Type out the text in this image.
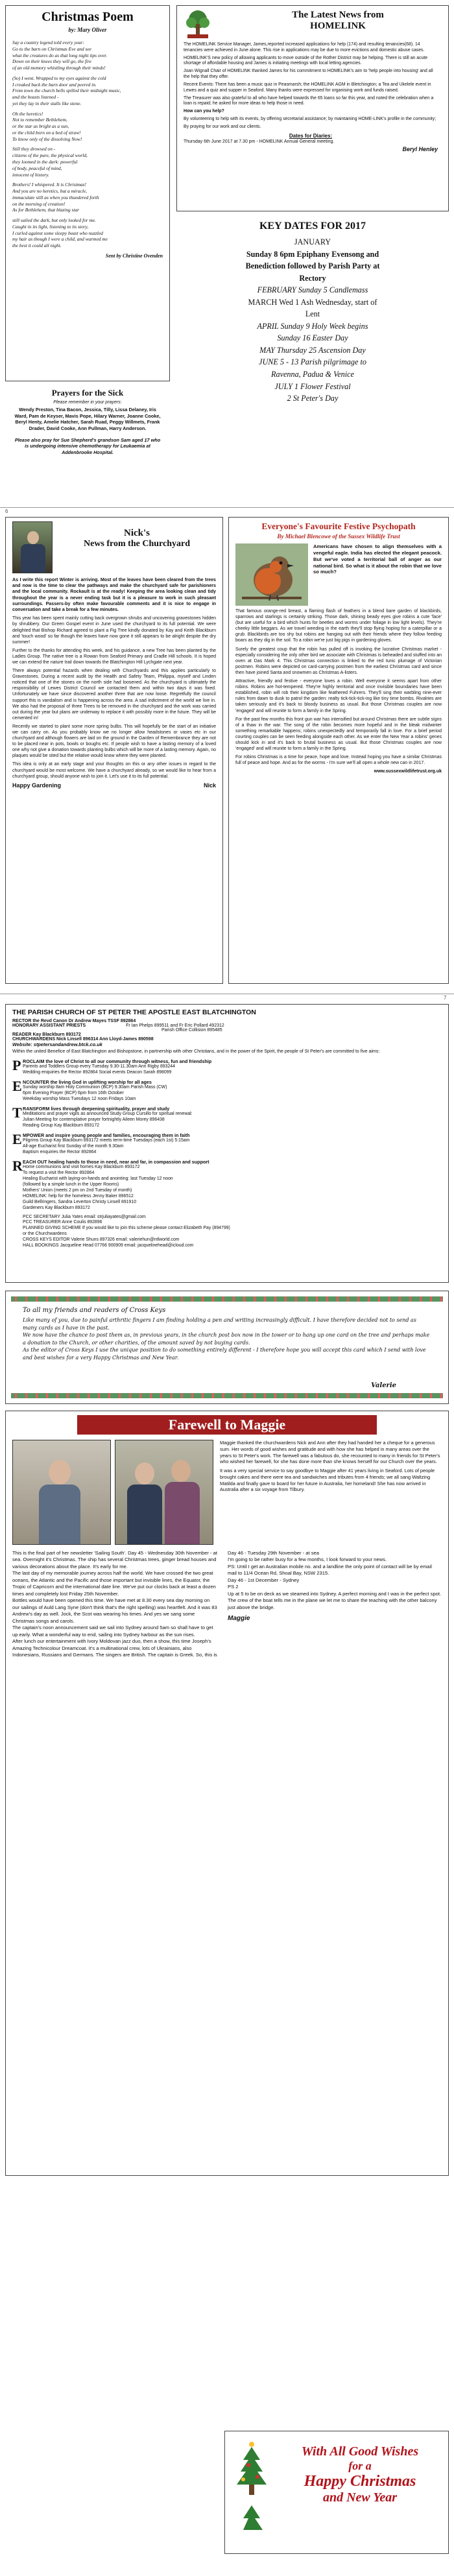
Christmas Poem
by: Mary Oliver
Say a country legend told every year:
Go to the barn on Christmas Eve and see
what the creatures do as that long night tips over.
Down on their knees they will go, the fire
of an old memory whistling through their minds!
(So) I went. Wrapped to my eyes against the cold
I creaked back the barn door and peered in.
From town the church bells spilled their midnight music,
and the beasts listened -
yet they lay in their stalls like stone.
Oh the heretics!
Not to remember Bethlehem,
or the star as bright as a sun,
or the child born on a bed of straw!
To know only of the dissolving Now!
Still they drowsed on -
citizens of the pure, the physical world,
they loomed in the dark: powerful
of body, peaceful of mind,
innocent of history.
Brothers! I whispered. It is Christmas!
And you are no heretics, but a miracle,
immaculate still as when you thundered forth
on the morning of creation!
As for Bethlehem, that blazing star
still sailed the dark, but only looked for me.
Caught in its light, listening to its story,
I curled against some sleepy beast who nuzzled
my hair as though I were a child, and warmed me
the best it could all night.
Sent by Christine Ovenden
Prayers for the Sick
Please remember in your prayers:
Wendy Preston, Tina Bacon, Jessica, Tilly, Lissa Delaney, Iris Ward, Pam de Keyser, Mavis Pope, Hilary Warner, Joanne Cooke, Beryl Henty, Amelie Hatcher, Sarah Ruad, Peggy Willmets, Frank Drader, David Cooke, Ann Pullman, Harry Anderson.
Please also pray for Sue Shepherd's grandson Sam aged 17 who is undergoing intensive chemotherapy for Leukaemia at Addenbrooke Hospital.
The Latest News from
HOMELINK

The HOMELINK Service Manager, James,reported increased applications for help (174) and resulting tenancies(68). 14 tenancies were achieved in June alone. This rise in applications may be due to more evictions and domestic abuse cases.

HOMELINK'S new policy of allowing applicants to move outside of the Rother District may be helping. There is still an acute shortage of affordable housing and James is initiating meetings with local letting agencies.

Joan Wignall Chair of HOMELINK thanked James for his commitment to HOMELINK's aim to 'help people into housing' and all the help that they offer.

Recent Events: There has been a music quiz in Peasmarsh; the HOMELINK AGM in Bletchington; a Tea and Ukelele event in Lewes and a quiz and supper in Seaford. Many thanks were expressed for organising work and funds raised.

The Treasurer was also grateful to all who have helped towards the 65 loans so far this year, and noted the celebration when a loan is repaid; he asked for more ideas to help those in need.

How can you help?

By volunteering to help with its events, by offering secretarial assistance; by maintaining HOME-LINK's profile in the community;

By praying for our work and our clients.

Dates for Diaries:
Thursday 6th June 2017 at 7.30 pm - HOMELINK Annual General meeting.
Beryl Henley
KEY DATES FOR 2017
JANUARY
Sunday 8 6pm Epiphany Evensong and
Benediction followed by Parish Party at
Rectory
FEBRUARY Sunday 5 Candlemass
MARCH Wed 1 Ash Wednesday, start of
Lent
APRIL Sunday 9 Holy Week begins
Sunday 16 Easter Day
MAY Thursday 25 Ascension Day
JUNE 5 - 13 Parish pilgrimage to
Ravenna, Padua & Venice
JULY 1 Flower Festival
2 St Peter's Day
6
Nick's
News from the Churchyard
As I write this report Winter is arriving. Most of the leaves have been cleared from the trees and now is the time to clear the pathways and make the churchyard safe for parishioners and the local community. Rockault is at the ready! Keeping the area looking clean and tidy throughout the year is a never ending task but it is a pleasure to work in such pleasant surroundings. Passers-by often make favourable comments and it is nice to engage in conversation and take a break for a few minutes.

This year has been spent mainly cutting back overgrown shrubs and uncovering gravestones hidden by shrubbery. Our Green Gospel event in June used the churchyard to its full potential. We were delighted that Bishop Richard agreed to plant a Fig Tree kindly donated by Kay and Keith Blackburn and 'touch wood' so far though the leaves have now gone it still appears to be alright despite the dry summer!

Further to the thanks for attending this week, and his guidance, a new Tree has been planted by the Ladies Group. The native tree is a Rowan from Seaford Primary and Cradle Hill schools. It is hoped we can extend the nature trail down towards the Blatchington Hill Lychgate next year.

There always potential hazards when dealing with Churchyards and this applies particularly to Gravestones. During a recent audit by the Health and Safety Team, Philippa, myself and Linden noticed that one of the stones on the north side had loosened. As the churchyard is ultimately the responsibility of Lewes District Council we contacted them and within two days it was fixed. Unfortunately we have since discovered another three that are now loose. Regretfully the council support this is vandalism and is happening across the area. A sad indictment of the world we live in. We also had the proposal of three Trees to be removed in the churchyard and the work was carried out during the year but plans are underway to replace it with possibly more in the future. They will be cemented in!

Recently we started to plant some more spring bulbs. This will hopefully be the start of an initiative we can carry on. As you probably know we no longer allow headstones or vases etc in our churchyard and although flowers are laid on the ground in the Garden of Remembrance they are not to be placed near in pots, bowls or boughs etc. If people wish to have a lasting memory of a loved one why not give a donation towards planting bulbs which will be more of a lasting memory. Again, no plaques would be sited but the relative would know where they were planted.

This idea is only at an early stage and your thoughts on this or any other issues in regard to the churchyard would be most welcome. We have a churchyard already, so we would like to hear from a churchyard group, should anyone wish to join it. Let's use it to its full potential.

Happy Gardening	Nick
Everyone's Favourite Festive Psychopath
By Michael Blencowe of the Sussex Wildlife Trust
Americans have chosen to align themselves with a vengeful eagle. India has elected the elegant peacock. But we've voted a territorial ball of anger as our national bird. So what is it about the robin that we love so much?

That famous orange-red breast, a flaming flash of feathers in a blend bare garden of blackbirds, sparrows and starlings is certainly striking. Those dark, shining beady eyes give robins a cute 'face' (but are useful for a bird which hunts for beetles and worms under foliage in low light levels). They're cheeky little beggars. As we travel weeding in the earth they'll stop flying hoping for a caterpillar or a grub. Blackbirds are too shy but robins are hanging out with their friends where they follow feeding boars as they dig in the soil. To a robin we're just big pigs in gardening gloves.

Surely the greatest coup that the robin has pulled off is invoking the lucrative Christmas market - especially considering the only other bird we associate with Christmas is beheaded and stuffed into an oven at Das Mark 4. This Christmas connection is linked to the red tunic plumage of Victorian postmen. Robins were depicted on card-carrying postmen from the earliest Christmas card and since then have joined Santa and snowmen as Christmas A-listers.

Attractive, friendly and festive - everyone loves a robin. Well everyone it seems apart from other robins. Robins are hot-tempered. They're highly territorial and once invisible boundaries have been established, robin will rob their kingdom like feathered Fuhrers. They'll sing their warbling nine-ever rules from dawn to dusk to patrol the garden: realty tick-tick-tick-ing like tiny time bombs. Rivalries are taken seriously and it's back to bloody business as usual. But those Christmas couples are now 'engaged' and will reunite to form a family in the Spring.

For the past few months this front gun war has intensified but around Christmas there are subtle signs of a thaw in the war. The song of the robin becomes more hopeful and in the bleak midwinter something remarkable happens; robins unexpectedly and temporarily fall in love. For a brief period courting couples can be seen feeding alongside each other. As we enter the New Year a robins' genes should kick in and it's back to brutal business as usual. But those Christmas couples are now 'engaged' and will reunite to form a family in the Spring.

For robins Christmas is a time for peace, hope and love. Instead hoping you have a similar Christmas full of peace and hope. And as for the worms - I'm sure we'll all open a whole new can in 2017.

www.sussexwildlifetrust.org.uk

7
THE PARISH CHURCH OF ST PETER THE APOSTLE EAST BLATCHINGTON
RECTOR the Revd Canon Dr Andrew Mayes TSSF 892864
HONORARY ASSISTANT PRIESTS	Fr Ian Phelps 899511 and Fr Eric Pollard 492312
Parish Office Collision 895485
READER Kay Blackburn 893172
CHURCHWARDENS Nick Linsell 896314 Ann Lloyd-James 890598
Website: stpetersandandrew.btck.co.uk
Within the united Benefice of East Blatchington and Bishopstone, in partnership with other Christians, and in the power of the Spirit, the people of St Peter's are committed to five aims:
P ROCLAIM the love of Christ to all our community through witness, fun and friendship
Parents and Toddlers Group every Tuesday 9.30-11.30am Ann Rigby 893244
Wedding enquiries the Rector 892864 Social events Deacon Sarah 898099
E NCOUNTER the living God in uplifting worship for all ages
Sunday worship 8am Holy Communion (BCP) 9.30am Parish Mass (CW)
6pm Evening Prayer (BCP) 6pm from 16th October
Weekday worship Mass Tuesdays 12 noon Fridays 10am
T RANSFORM lives through deepening spirituality, prayer and study
Meditations and prayer vigils as announced Study Group Cursillo for spiritual renewal:
Julian Meeting for contemplative prayer fortnightly Aileen Morey 896438
Reading Group Kay Blackburn 893172
E MPOWER and inspire young people and families, encouraging them in faith
Pilgrims Group Kay Blackburn 893172 meets term-time Tuesdays (each 1st) 5:15am
All-age Eucharist first Sunday of the month 9.30am
Baptism enquiries the Rector 892864
R EACH OUT healing hands to those in need, near and far, in compassion and support
Home communions and visit homes Kay Blackburn 893172
To request a visit the Rector 892864
Healing Eucharist with laying-on-hands and anointing: last Tuesday 12 noon
(followed by a simple lunch in the Upper Rooms)
Mothers' Union (meets 2 pm on 2nd Tuesday of month)
HOMELINK: help for the homeless Jenny Baker 896512
Guild Bellringers, Sandra Leverton Christy Linsell 891910
Gardeners Kay Blackburn 893172
PCC SECRETARY Julia Yates email: strjuliayates@gmail.com
PCC TREASURER Anne Coulis 892896
PLANNED GIVING SCHEME If you would like to join this scheme please contact Elizabeth Pay (894799)
or the Churchwardens
CROSS KEYS EDITOR Valerie Shuns 897326 email: valeriehun@ntlworld.com
HALL BOOKINGS Jacqueline Head 07766 900909 email: jacquelinehead@icloud.com
To all my friends and readers of Cross Keys
Like many of you, due to painful arthritic fingers I am finding holding a pen and writing increasingly difficult. I have therefore decided not to send as many cards as I have in the past.
We now have the chance to post them as, in previous years, in the church post box now in the tower or to hang up one card on the tree and perhaps make a donation to the Church, or other charities, of the amount saved by not buying cards.
As the editor of Cross Keys I use the unique position to do something entirely different - I therefore hope you will accept this card which I send with love and best wishes for a very Happy Christmas and New Year.
Valerie
Farewell to Maggie
Maggie thanked the churchwardens Nick and Ann after they had handed her a cheque for a generous sum. Her words of good wishes and gratitude and with how she has helped in many areas over the years to St Peter's work. The farewell was a fabulous do, she recounted to many in friends for St Peter's who wished her farewell, for she has done more than she knows herself for our Church over the years.
It was a very special service to say goodbye to Maggie after 41 years living in Seaford. Lots of people brought cakes and there were tea and sandwiches and tributes from 4 friends; we all sang Waltzing Matilda and finally gave to board for her future in Australia, her homeland! She has now arrived in Australia after a six voyage from Tilbury.
This is the final part of her newsletter 'Sailing South'. Day 45 - Wednesday 30th November - at sea. Overnight it's Christmas. The ship has several Christmas trees, ginger bread houses and various decorations about the place. It's early for me.
The last day of my memorable journey across half the world. We have crossed the two great oceans, the Atlantic and the Pacific and those important but invisible lines, the Equator, the Tropic of Capricorn and the international date line. We've put our clocks back at least a dozen times and completely lost Friday 25th November.
Bottles would have been opened this time. We have met at 8.30 every sea day morning on our sailings of Auld Lang Syne (don't think that's the right spelling) was heartfelt. And it was 83 Andrew's day as well. Jock, the Scot was wearing his times. And yes we sang some Christmas songs and carols.
The captain's noon announcement said we sail into Sydney around 5am so shall have to get up early. What a wonderful way to end, sailing into Sydney harbour as the sun rises.
After lunch our entertainment with Ivory Moldovan jazz duo, then a show, this time Joseph's Amazing Technicolour Dreamcoat. It's a multinational crew, lots of Ukrainians, also Indonesians, Russians and Germans. The singers are British. The captain is Greek. So, this is
Day 46 - Tuesday 29th November - at sea
I'm going to be rather busy for a few months, I look forward to your news.
PS: Until I get an Australian mobile no. and a landline the only point of contact will be by email mail to 11/4 Ocean Rd, Shoal Bay, NSW 2315.
Day 46 - 1st December - Sydney
PS 2
Up at 5 to be on deck as we steamed into Sydney. A perfect morning and I was in the perfect spot. The crew of the boat tells me in the plane we let me to share the teaching with the other balcony just above the bridge.
Maggie
With All Good Wishes
for a
Happy Christmas
and New Year
